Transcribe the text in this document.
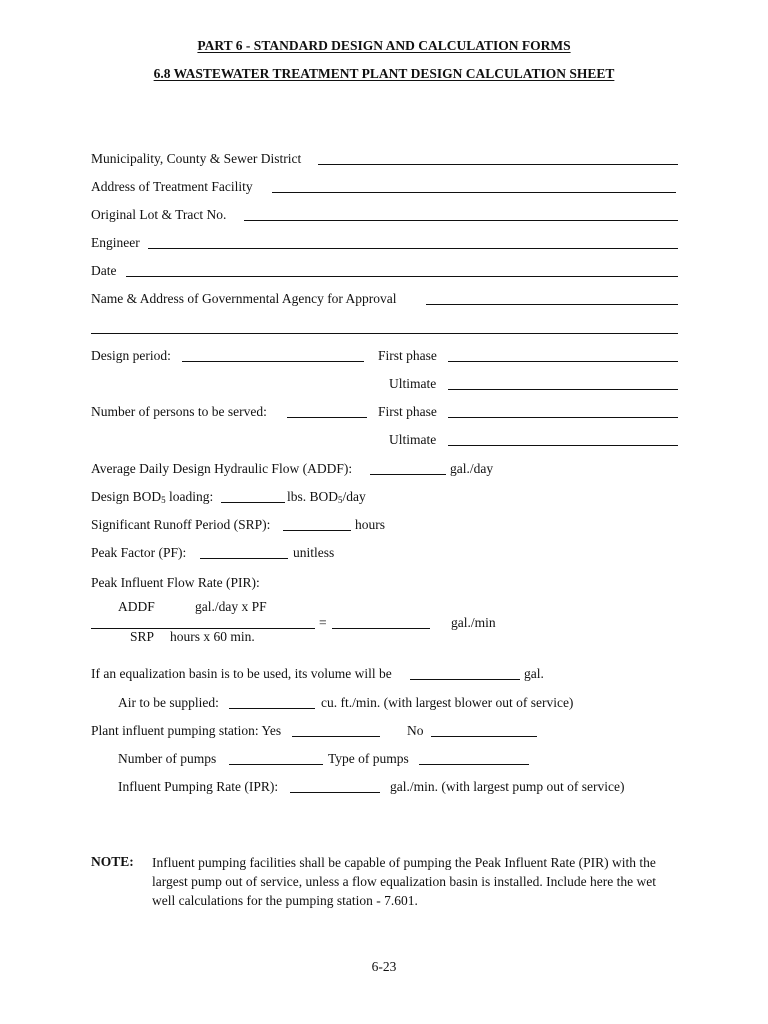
PART 6 - STANDARD DESIGN AND CALCULATION FORMS
6.8 WASTEWATER TREATMENT PLANT DESIGN CALCULATION SHEET
Municipality, County & Sewer District
Address of Treatment Facility
Original Lot & Tract No.
Engineer
Date
Name & Address of Governmental Agency for Approval
Design period:	First phase
Ultimate
Number of persons to be served:	First phase
Ultimate
Average Daily Design Hydraulic Flow (ADDF):	gal./day
Design $BOD_5$ loading:	lbs. $BOD_5$/day
Significant Runoff Period (SRP):	hours
Peak Factor (PF):	unitless
Peak Influent Flow Rate (PIR):
ADDF	gal./day x PF
=	gal./min
SRP hours x 60 min.
If an equalization basin is to be used, its volume will be	gal.
Air to be supplied:	cu. ft./min. (with largest blower out of service)
Plant influent pumping station: Yes	No
Number of pumps	Type of pumps
Influent Pumping Rate (IPR):	gal./min. (with largest pump out of service)
NOTE: Influent pumping facilities shall be capable of pumping the Peak Influent Rate (PIR) with the largest pump out of service, unless a flow equalization basin is installed. Include here the wet well calculations for the pumping station - 7.601.
6-23
